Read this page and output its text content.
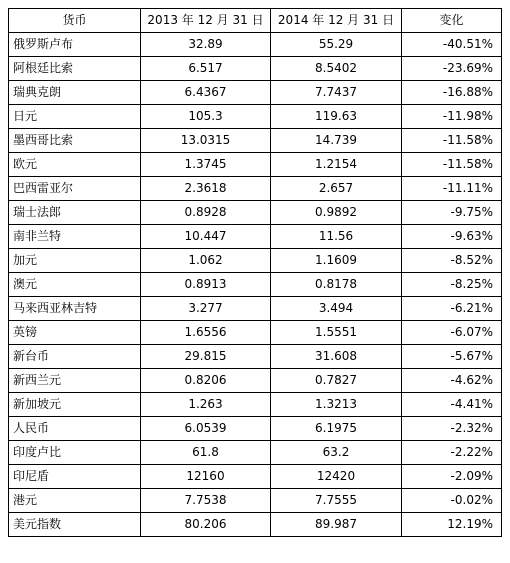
货币	2013 年 12 月 31 日	2014 年 12 月 31 日	变化
俄罗斯卢布	32.89	55.29	-40.51%
阿根廷比索	6.517	8.5402	-23.69%
瑞典克朗	6.4367	7.7437	-16.88%
日元	105.3	119.63	-11.98%
墨西哥比索	13.0315	14.739	-11.58%
欧元	1.3745	1.2154	-11.58%
巴西雷亚尔	2.3618	2.657	-11.11%
瑞士法郎	0.8928	0.9892	-9.75%
南非兰特	10.447	11.56	-9.63%
加元	1.062	1.1609	-8.52%
澳元	0.8913	0.8178	-8.25%
马来西亚林吉特	3.277	3.494	-6.21%
英镑	1.6556	1.5551	-6.07%
新台币	29.815	31.608	-5.67%
新西兰元	0.8206	0.7827	-4.62%
新加坡元	1.263	1.3213	-4.41%
人民币	6.0539	6.1975	-2.32%
印度卢比	61.8	63.2	-2.22%
印尼盾	12160	12420	-2.09%
港元	7.7538	7.7555	-0.02%
美元指数	80.206	89.987	12.19%
